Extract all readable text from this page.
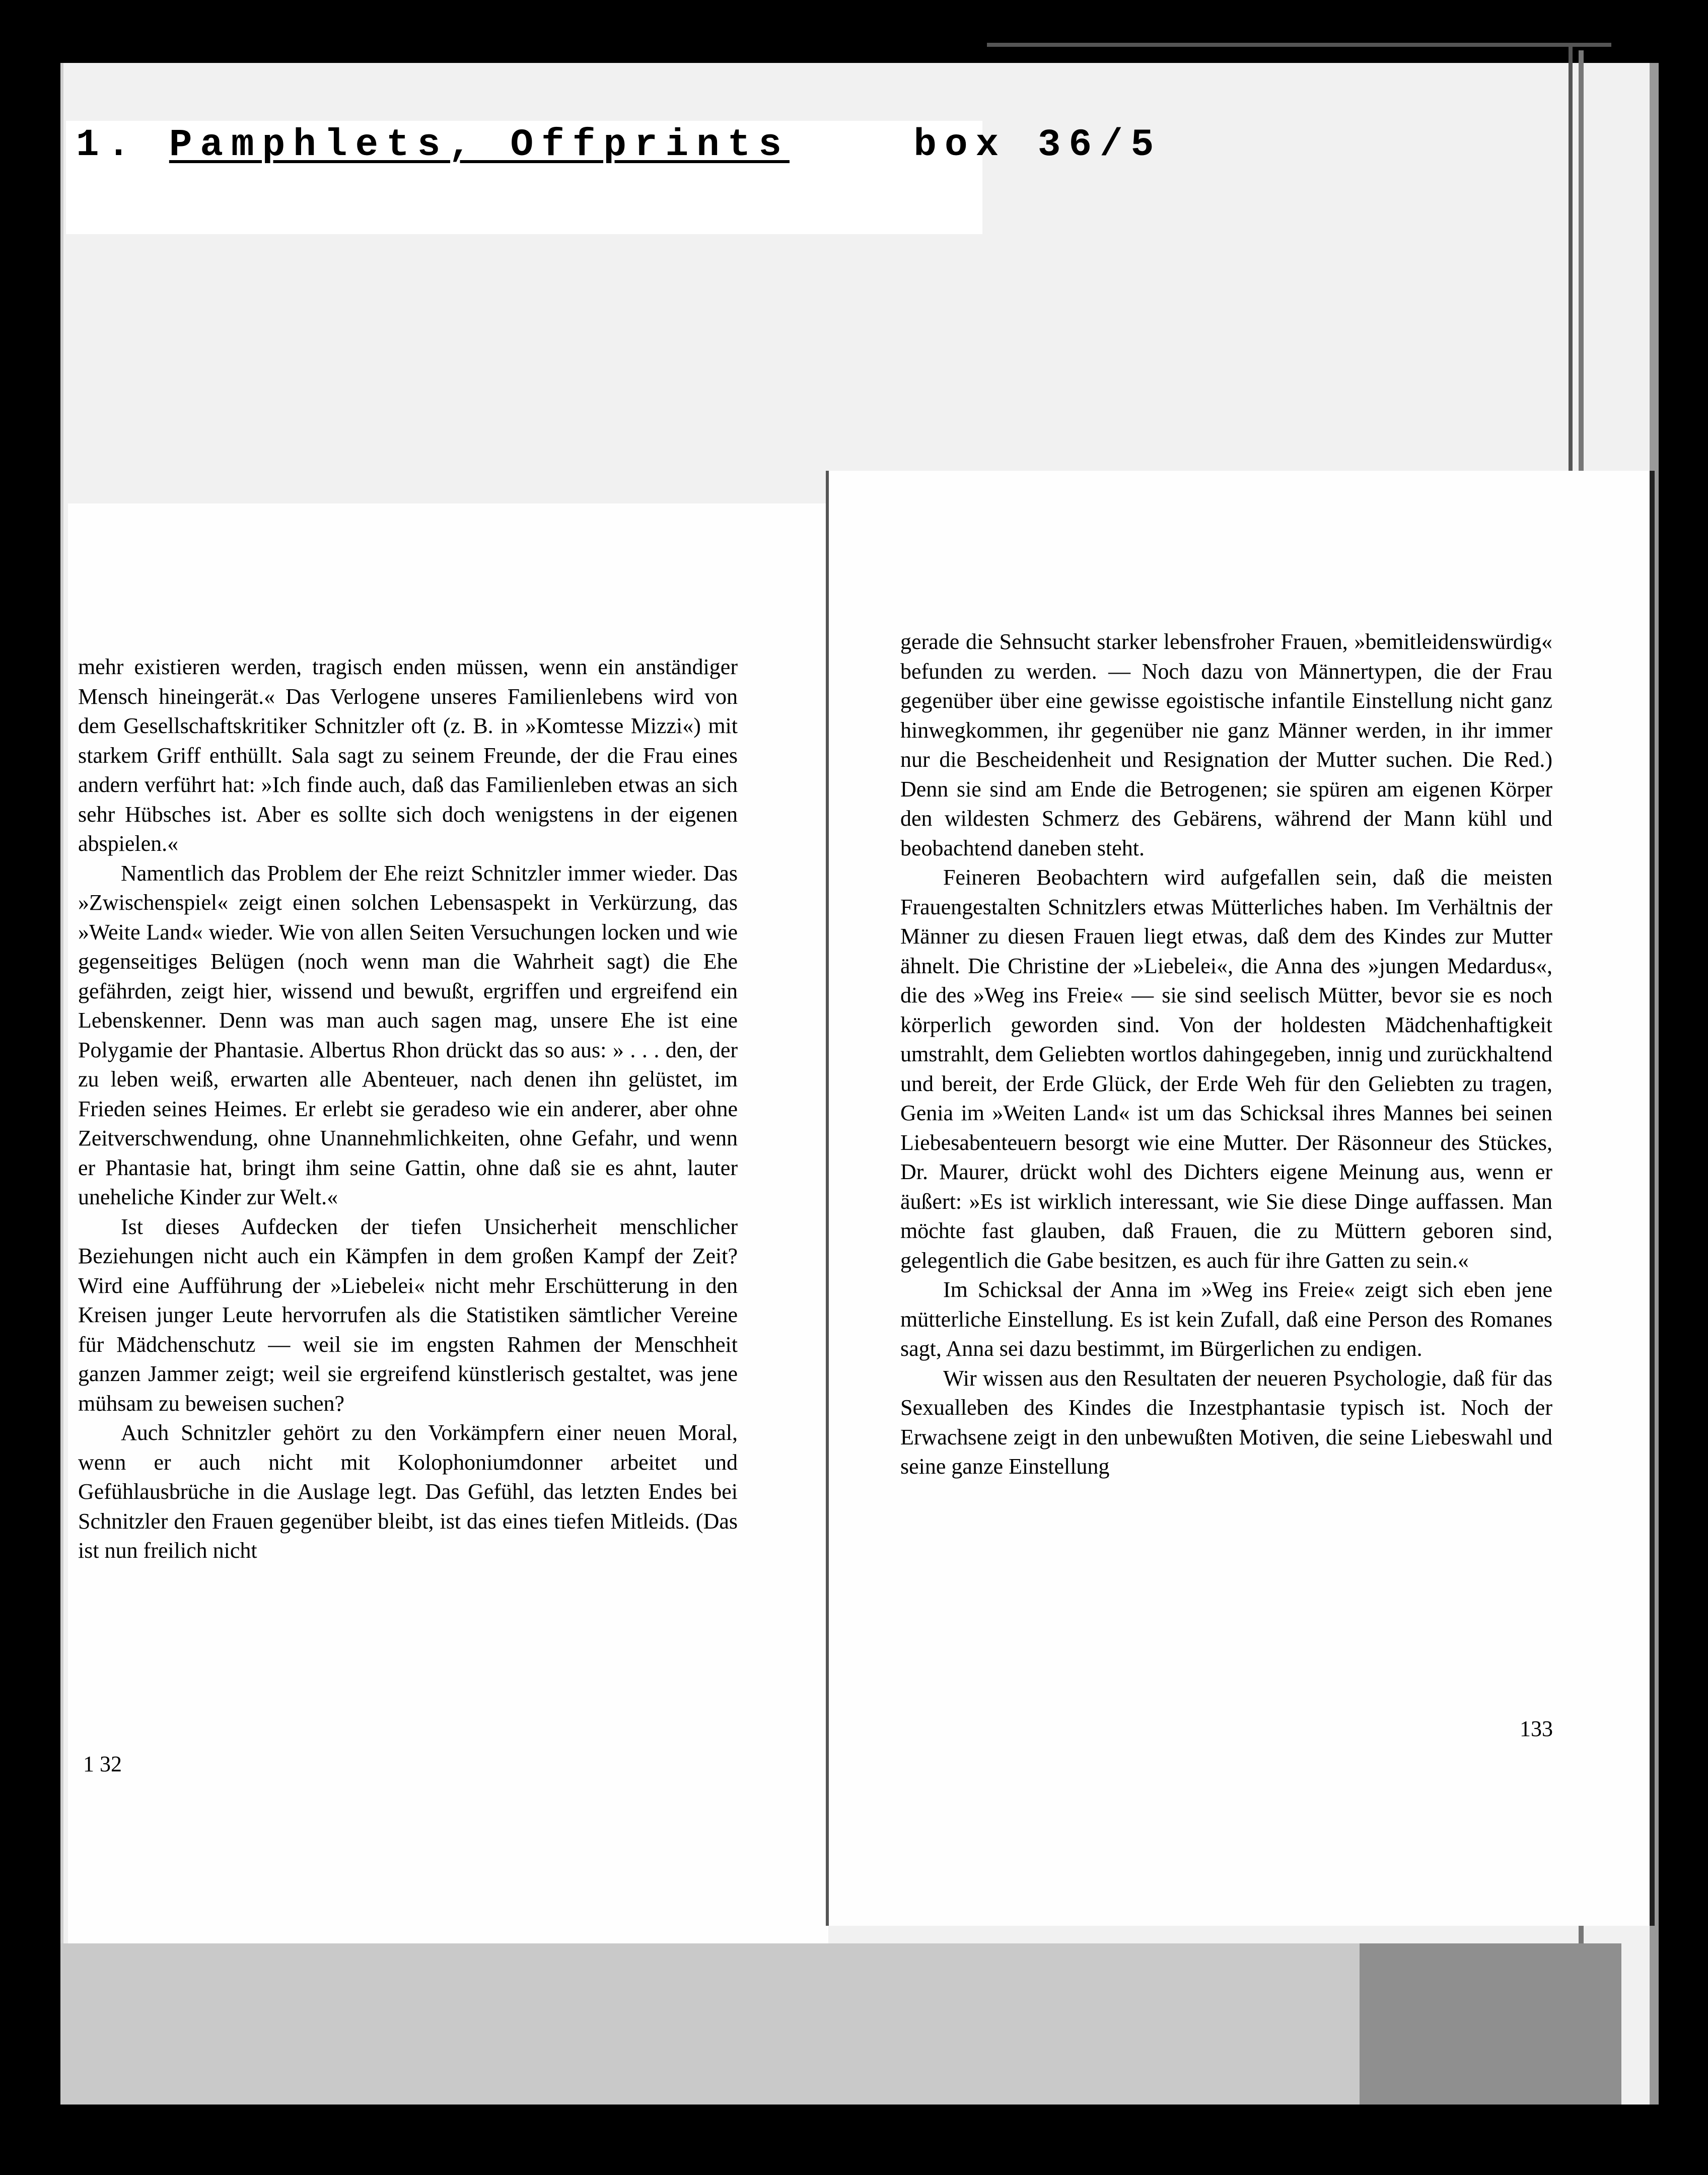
1. Pamphlets, Offprints	box 36/5

mehr existieren werden, tragisch enden müssen, wenn ein anständiger Mensch hineingerät.« Das Verlogene unseres Familienlebens wird von dem Gesellschaftskritiker Schnitzler oft (z. B. in »Komtesse Mizzi«) mit starkem Griff enthüllt. Sala sagt zu seinem Freunde, der die Frau eines andern verführt hat: »Ich finde auch, daß das Familienleben etwas an sich sehr Hübsches ist. Aber es sollte sich doch wenigstens in der eigenen abspielen.«

Namentlich das Problem der Ehe reizt Schnitzler immer wieder. Das »Zwischenspiel« zeigt einen solchen Lebensaspekt in Verkürzung, das »Weite Land« wieder. Wie von allen Seiten Versuchungen locken und wie gegenseitiges Belügen (noch wenn man die Wahrheit sagt) die Ehe gefährden, zeigt hier, wissend und bewußt, ergriffen und ergreifend ein Lebenskenner. Denn was man auch sagen mag, unsere Ehe ist eine Polygamie der Phantasie. Albertus Rhon drückt das so aus: » . . . den, der zu leben weiß, erwarten alle Abenteuer, nach denen ihn gelüstet, im Frieden seines Heimes. Er erlebt sie geradeso wie ein anderer, aber ohne Zeitverschwendung, ohne Unannehmlichkeiten, ohne Gefahr, und wenn er Phantasie hat, bringt ihm seine Gattin, ohne daß sie es ahnt, lauter uneheliche Kinder zur Welt.«

Ist dieses Aufdecken der tiefen Unsicherheit menschlicher Beziehungen nicht auch ein Kämpfen in dem großen Kampf der Zeit? Wird eine Aufführung der »Liebelei« nicht mehr Erschütterung in den Kreisen junger Leute hervorrufen als die Statistiken sämtlicher Vereine für Mädchenschutz — weil sie im engsten Rahmen der Menschheit ganzen Jammer zeigt; weil sie ergreifend künstlerisch gestaltet, was jene mühsam zu beweisen suchen?

Auch Schnitzler gehört zu den Vorkämpfern einer neuen Moral, wenn er auch nicht mit Kolophoniumdonner arbeitet und Gefühlausbrüche in die Auslage legt. Das Gefühl, das letzten Endes bei Schnitzler den Frauen gegenüber bleibt, ist das eines tiefen Mitleids. (Das ist nun freilich nicht

1 32

gerade die Sehnsucht starker lebensfroher Frauen, »bemitleidenswürdig« befunden zu werden. — Noch dazu von Männertypen, die der Frau gegenüber über eine gewisse egoistische infantile Einstellung nicht ganz hinwegkommen, ihr gegenüber nie ganz Männer werden, in ihr immer nur die Bescheidenheit und Resignation der Mutter suchen. Die Red.) Denn sie sind am Ende die Betrogenen; sie spüren am eigenen Körper den wildesten Schmerz des Gebärens, während der Mann kühl und beobachtend daneben steht.

Feineren Beobachtern wird aufgefallen sein, daß die meisten Frauengestalten Schnitzlers etwas Mütterliches haben. Im Verhältnis der Männer zu diesen Frauen liegt etwas, daß dem des Kindes zur Mutter ähnelt. Die Christine der »Liebelei«, die Anna des »jungen Medardus«, die des »Weg ins Freie« — sie sind seelisch Mütter, bevor sie es noch körperlich geworden sind. Von der holdesten Mädchenhaftigkeit umstrahlt, dem Geliebten wortlos dahingegeben, innig und zurückhaltend und bereit, der Erde Glück, der Erde Weh für den Geliebten zu tragen, Genia im »Weiten Land« ist um das Schicksal ihres Mannes bei seinen Liebesabenteuern besorgt wie eine Mutter. Der Räsonneur des Stückes, Dr. Maurer, drückt wohl des Dichters eigene Meinung aus, wenn er äußert: »Es ist wirklich interessant, wie Sie diese Dinge auffassen. Man möchte fast glauben, daß Frauen, die zu Müttern geboren sind, gelegentlich die Gabe besitzen, es auch für ihre Gatten zu sein.«

Im Schicksal der Anna im »Weg ins Freie« zeigt sich eben jene mütterliche Einstellung. Es ist kein Zufall, daß eine Person des Romanes sagt, Anna sei dazu bestimmt, im Bürgerlichen zu endigen.

Wir wissen aus den Resultaten der neueren Psychologie, daß für das Sexualleben des Kindes die Inzestphantasie typisch ist. Noch der Erwachsene zeigt in den unbewußten Motiven, die seine Liebeswahl und seine ganze Einstellung

133
